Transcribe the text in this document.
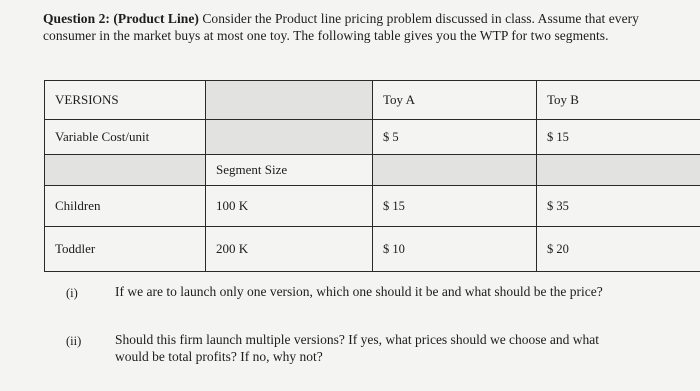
Question 2: (Product Line) Consider the Product line pricing problem discussed in class. Assume that every consumer in the market buys at most one toy. The following table gives you the WTP for two segments.
VERSIONS		Toy A	Toy B
Variable Cost/unit		$ 5	$ 15
	Segment Size		
Children	100 K	$ 15	$ 35
Toddler	200 K	$ 10	$ 20
(i)	If we are to launch only one version, which one should it be and what should be the price?
(ii) Should this firm launch multiple versions? If yes, what prices should we choose and what would be total profits? If no, why not?
